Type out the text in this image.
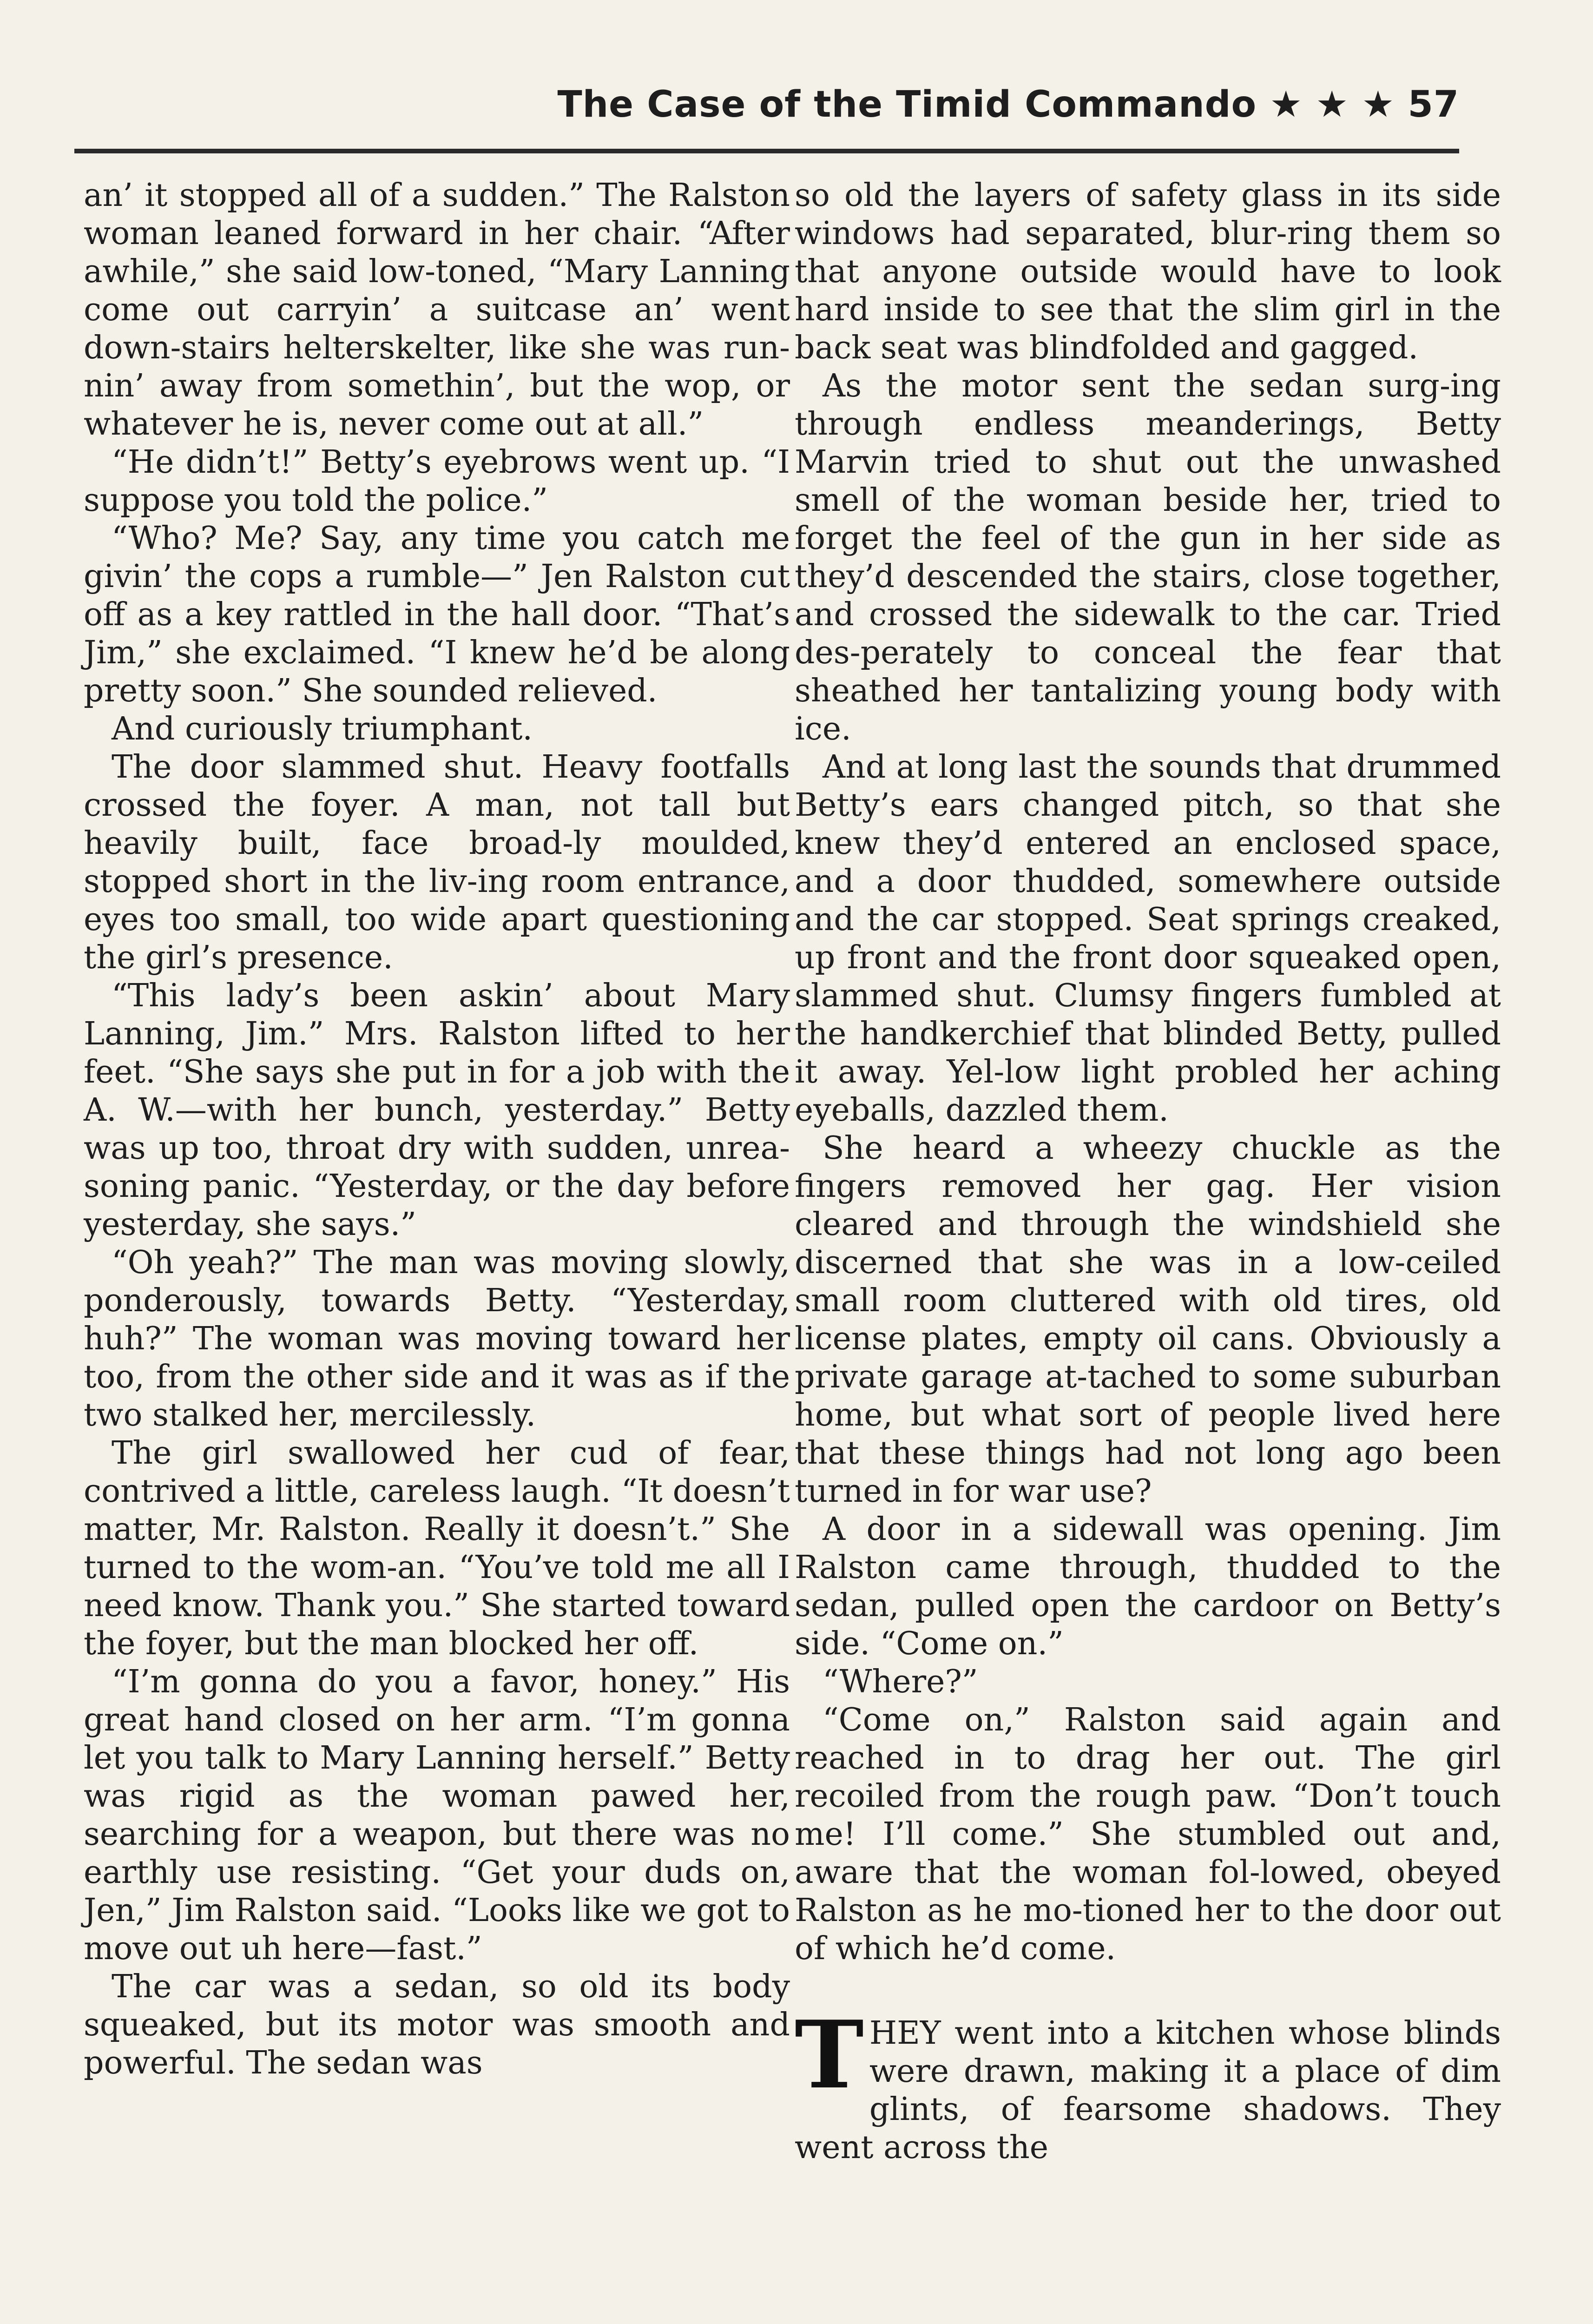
The Case of the Timid Commando ★ ★ ★ 57

an’ it stopped all of a sudden.” The Ralston woman leaned forward in her chair. “After awhile,” she said low-toned, “Mary Lanning come out carryin’ a suitcase an’ went down-stairs helterskelter, like she was run-nin’ away from somethin’, but the wop, or whatever he is, never come out at all.”

“He didn’t!” Betty’s eyebrows went up. “I suppose you told the police.”

“Who? Me? Say, any time you catch me givin’ the cops a rumble—” Jen Ralston cut off as a key rattled in the hall door. “That’s Jim,” she exclaimed. “I knew he’d be along pretty soon.” She sounded relieved.

And curiously triumphant.

The door slammed shut. Heavy footfalls crossed the foyer. A man, not tall but heavily built, face broad-ly moulded, stopped short in the liv-ing room entrance, eyes too small, too wide apart questioning the girl’s presence.

“This lady’s been askin’ about Mary Lanning, Jim.” Mrs. Ralston lifted to her feet. “She says she put in for a job with the A. W.—with her bunch, yesterday.” Betty was up too, throat dry with sudden, unrea-soning panic. “Yesterday, or the day before yesterday, she says.”

“Oh yeah?” The man was moving slowly, ponderously, towards Betty. “Yesterday, huh?” The woman was moving toward her too, from the other side and it was as if the two stalked her, mercilessly.

The girl swallowed her cud of fear, contrived a little, careless laugh. “It doesn’t matter, Mr. Ralston. Really it doesn’t.” She turned to the wom-an. “You’ve told me all I need know. Thank you.” She started toward the foyer, but the man blocked her off.

“I’m gonna do you a favor, honey.” His great hand closed on her arm. “I’m gonna let you talk to Mary Lanning herself.” Betty was rigid as the woman pawed her, searching for a weapon, but there was no earthly use resisting. “Get your duds on, Jen,” Jim Ralston said. “Looks like we got to move out uh here—fast.”

The car was a sedan, so old its body squeaked, but its motor was smooth and powerful. The sedan was

so old the layers of safety glass in its side windows had separated, blur-ring them so that anyone outside would have to look hard inside to see that the slim girl in the back seat was blindfolded and gagged.

As the motor sent the sedan surg-ing through endless meanderings, Betty Marvin tried to shut out the unwashed smell of the woman beside her, tried to forget the feel of the gun in her side as they’d descended the stairs, close together, and crossed the sidewalk to the car. Tried des-perately to conceal the fear that sheathed her tantalizing young body with ice.

And at long last the sounds that drummed Betty’s ears changed pitch, so that she knew they’d entered an enclosed space, and a door thudded, somewhere outside and the car stopped. Seat springs creaked, up front and the front door squeaked open, slammed shut. Clumsy fingers fumbled at the handkerchief that blinded Betty, pulled it away. Yel-low light probled her aching eyeballs, dazzled them.

She heard a wheezy chuckle as the fingers removed her gag. Her vision cleared and through the windshield she discerned that she was in a low-ceiled small room cluttered with old tires, old license plates, empty oil cans. Obviously a private garage at-tached to some suburban home, but what sort of people lived here that these things had not long ago been turned in for war use?

A door in a sidewall was opening. Jim Ralston came through, thudded to the sedan, pulled open the cardoor on Betty’s side. “Come on.”

“Where?”

“Come on,” Ralston said again and reached in to drag her out. The girl recoiled from the rough paw. “Don’t touch me! I’ll come.” She stumbled out and, aware that the woman fol-lowed, obeyed Ralston as he mo-tioned her to the door out of which he’d come.

THEY went into a kitchen whose blinds were drawn, making it a place of dim glints, of fearsome shadows. They went across the
